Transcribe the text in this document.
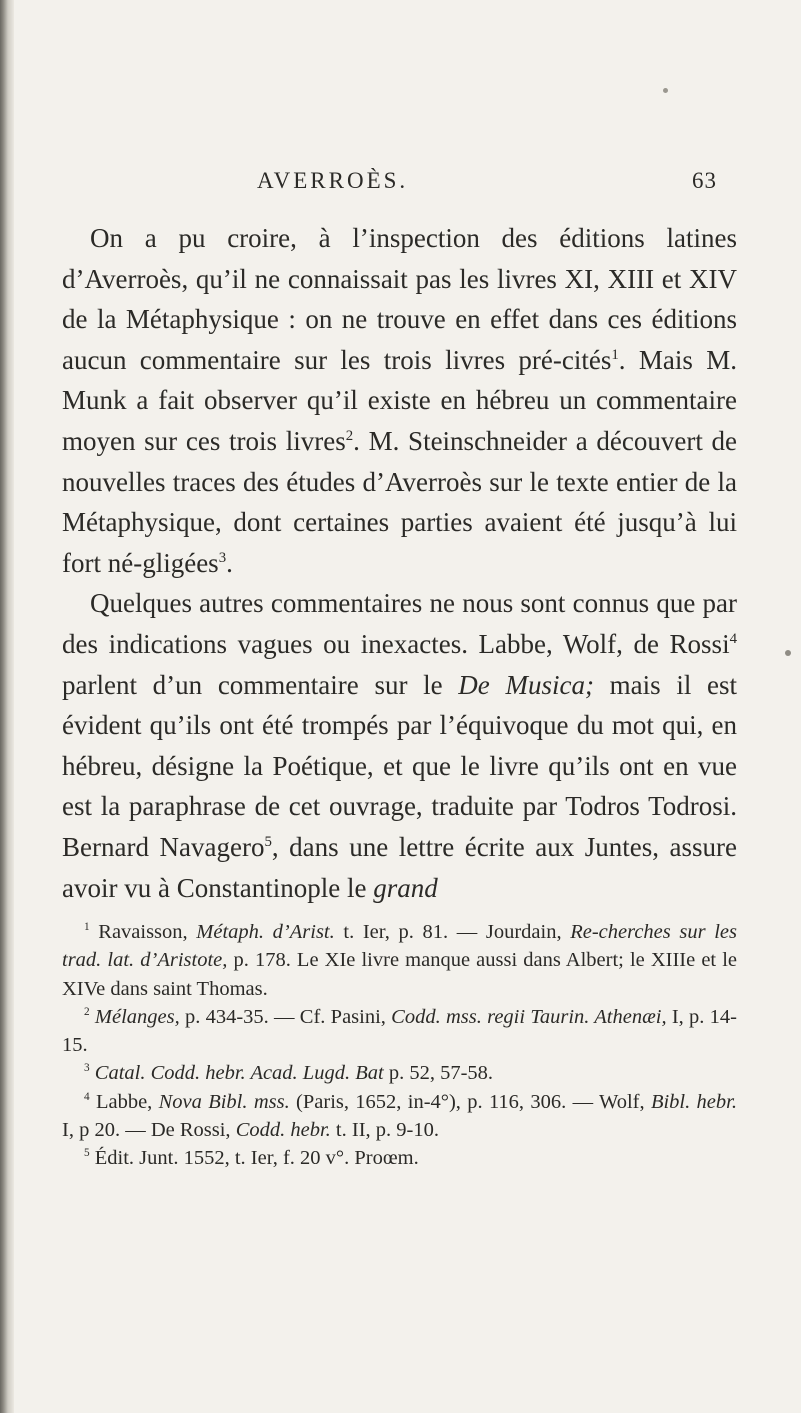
AVERROÈS.	63

On a pu croire, à l’inspection des éditions latines d’Averroès, qu’il ne connaissait pas les livres XI, XIII et XIV de la Métaphysique : on ne trouve en effet dans ces éditions aucun commentaire sur les trois livres pré-cités$^1$. Mais M. Munk a fait observer qu’il existe en hébreu un commentaire moyen sur ces trois livres$^2$. M. Steinschneider a découvert de nouvelles traces des études d’Averroès sur le texte entier de la Métaphysique, dont certaines parties avaient été jusqu’à lui fort né-gligées$^3$.

Quelques autres commentaires ne nous sont connus que par des indications vagues ou inexactes. Labbe, Wolf, de Rossi$^4$ parlent d’un commentaire sur le De Musica; mais il est évident qu’ils ont été trompés par l’équivoque du mot qui, en hébreu, désigne la Poétique, et que le livre qu’ils ont en vue est la paraphrase de cet ouvrage, traduite par Todros Todrosi. Bernard Navagero$^5$, dans une lettre écrite aux Juntes, assure avoir vu à Constantinople le grand

$^1$ Ravaisson, Métaph. d’Arist. t. Ier, p. 81. — Jourdain, Re-cherches sur les trad. lat. d’Aristote, p. 178. Le XIe livre manque aussi dans Albert; le XIIIe et le XIVe dans saint Thomas.

$^2$ Mélanges, p. 434-35. — Cf. Pasini, Codd. mss. regii Taurin. Athenæi, I, p. 14-15.

$^3$ Catal. Codd. hebr. Acad. Lugd. Bat p. 52, 57-58.

$^4$ Labbe, Nova Bibl. mss. (Paris, 1652, in-4°), p. 116, 306. — Wolf, Bibl. hebr. I, p 20. — De Rossi, Codd. hebr. t. II, p. 9-10.

$^5$ Édit. Junt. 1552, t. Ier, f. 20 v°. Proœm.
